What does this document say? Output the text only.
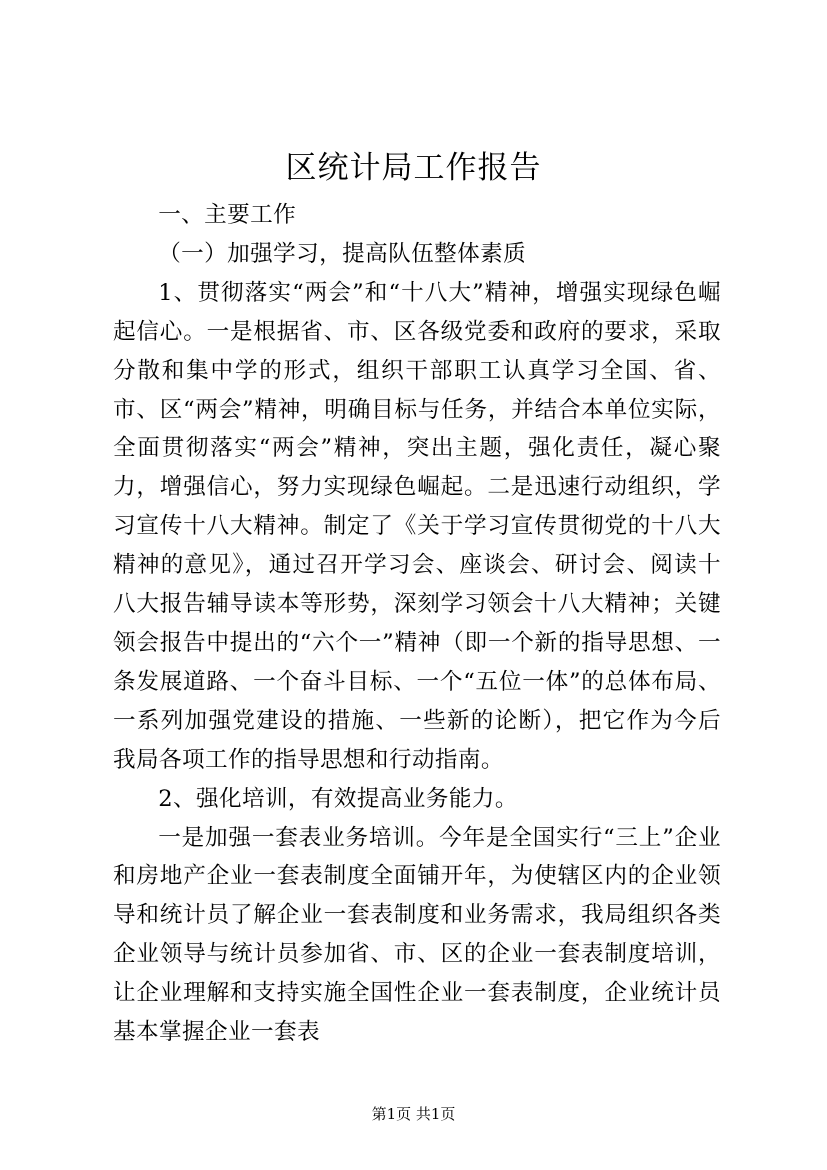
区统计局工作报告

一、主要工作

（一）加强学习，提高队伍整体素质

1、贯彻落实“两会”和“十八大”精神，增强实现绿色崛起信心。一是根据省、市、区各级党委和政府的要求，采取分散和集中学的形式，组织干部职工认真学习全国、省、市、区“两会”精神，明确目标与任务，并结合本单位实际，全面贯彻落实“两会”精神，突出主题，强化责任，凝心聚力，增强信心，努力实现绿色崛起。二是迅速行动组织，学习宣传十八大精神。制定了《关于学习宣传贯彻党的十八大精神的意见》，通过召开学习会、座谈会、研讨会、阅读十八大报告辅导读本等形势，深刻学习领会十八大精神；关键领会报告中提出的“六个一”精神（即一个新的指导思想、一条发展道路、一个奋斗目标、一个“五位一体”的总体布局、一系列加强党建设的措施、一些新的论断），把它作为今后我局各项工作的指导思想和行动指南。

2、强化培训，有效提高业务能力。

一是加强一套表业务培训。今年是全国实行“三上”企业和房地产企业一套表制度全面铺开年，为使辖区内的企业领导和统计员了解企业一套表制度和业务需求，我局组织各类企业领导与统计员参加省、市、区的企业一套表制度培训，让企业理解和支持实施全国性企业一套表制度，企业统计员基本掌握企业一套表

第1页 共1页
